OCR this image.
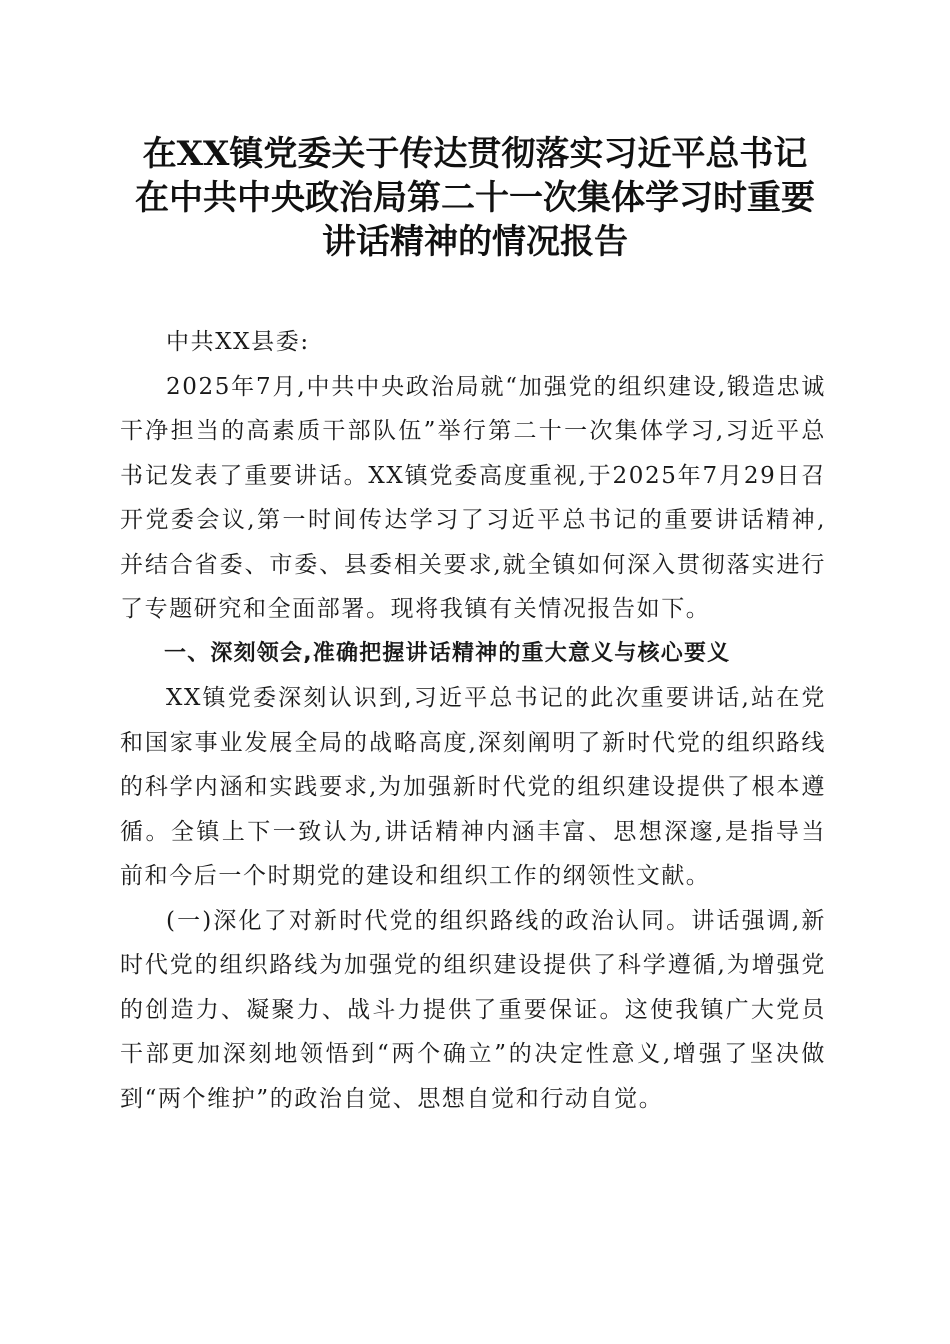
在XX镇党委关于传达贯彻落实习近平总书记
在中共中央政治局第二十一次集体学习时重要
讲话精神的情况报告

中共XX县委:

2025年7月,中共中央政治局就“加强党的组织建设,锻造忠诚干净担当的高素质干部队伍”举行第二十一次集体学习,习近平总书记发表了重要讲话。XX镇党委高度重视,于2025年7月29日召开党委会议,第一时间传达学习了习近平总书记的重要讲话精神,并结合省委、市委、县委相关要求,就全镇如何深入贯彻落实进行了专题研究和全面部署。现将我镇有关情况报告如下。

一、深刻领会,准确把握讲话精神的重大意义与核心要义

XX镇党委深刻认识到,习近平总书记的此次重要讲话,站在党和国家事业发展全局的战略高度,深刻阐明了新时代党的组织路线的科学内涵和实践要求,为加强新时代党的组织建设提供了根本遵循。全镇上下一致认为,讲话精神内涵丰富、思想深邃,是指导当前和今后一个时期党的建设和组织工作的纲领性文献。

(一)深化了对新时代党的组织路线的政治认同。讲话强调,新时代党的组织路线为加强党的组织建设提供了科学遵循,为增强党的创造力、凝聚力、战斗力提供了重要保证。这使我镇广大党员干部更加深刻地领悟到“两个确立”的决定性意义,增强了坚决做到“两个维护”的政治自觉、思想自觉和行动自觉。
